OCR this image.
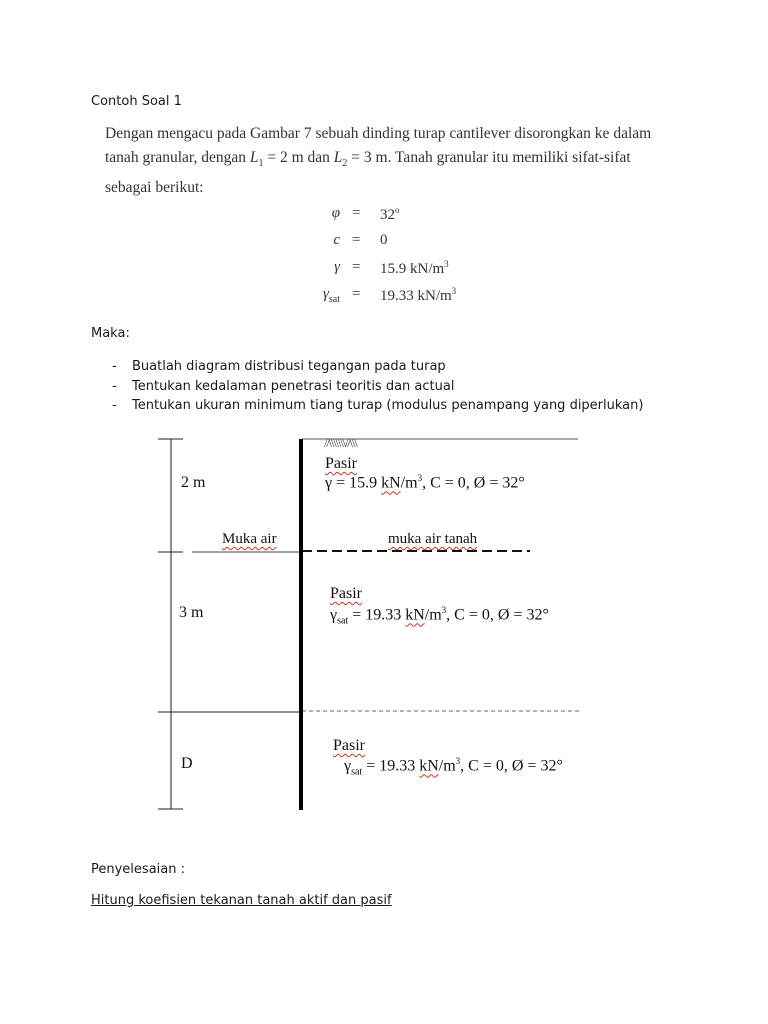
Contoh Soal 1
Dengan mengacu pada Gambar 7 sebuah dinding turap cantilever disorongkan ke dalam
tanah granular, dengan $L_1 = 2$ m dan $L_2 = 3$ m. Tanah granular itu memiliki sifat-sifat
sebagai berikut:
$\varphi = 32^o$
c = 0
γ = 15.9 $kN/m^3$
$\gamma_{sat} = 19.33$ $kN/m^3$
Maka:
- Buatlah diagram distribusi tegangan pada turap
- Tentukan kedalaman penetrasi teoritis dan actual
- Tentukan ukuran minimum tiang turap (modulus penampang yang diperlukan)
//\\\\\\\//\\\
2 m
3 m
D
Muka air	muka air tanah
Pasir
γ = 15.9 $kN/m^3$, C = 0, Ø = 32°
Pasir
$\gamma_{sat} = 19.33$ $kN/m^3$, C = 0, Ø = 32°
Pasir
$\gamma_{sat} = 19.33$ $kN/m^3$, C = 0, Ø = 32°
Penyelesaian :
Hitung koefisien tekanan tanah aktif dan pasif
